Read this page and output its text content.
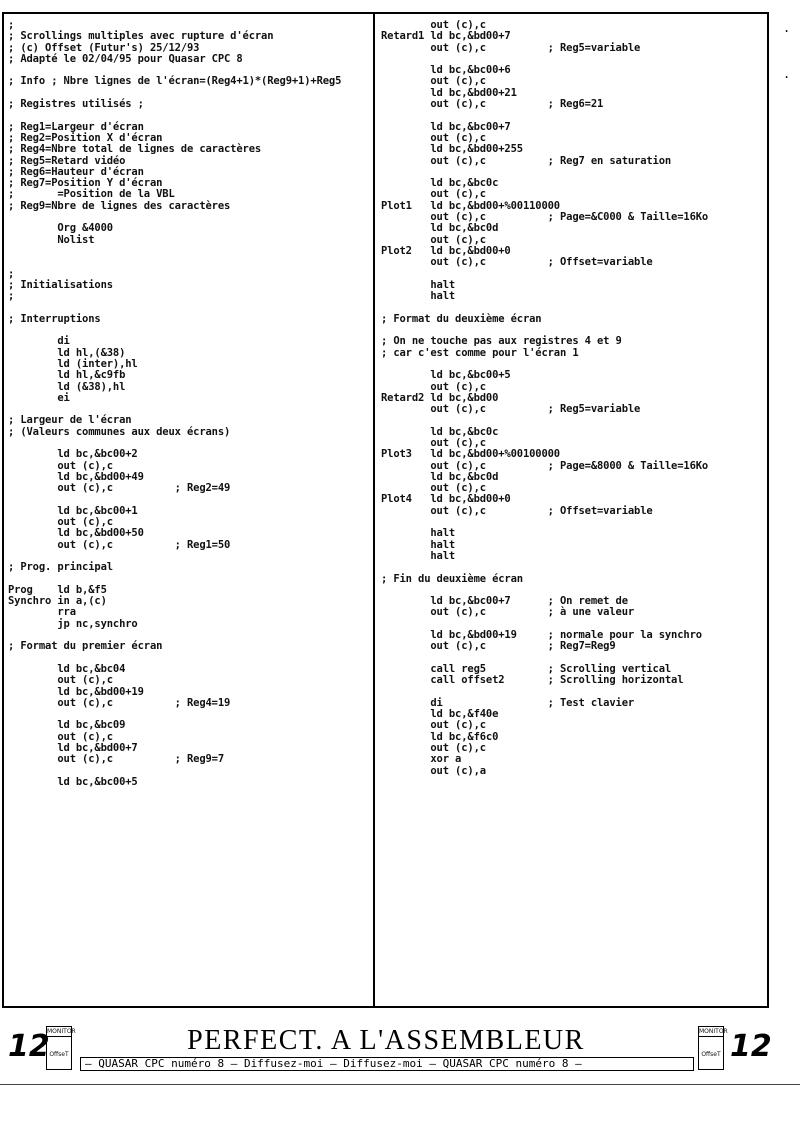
;
; Scrollings multiples avec rupture d'écran
; (c) Offset (Futur's) 25/12/93
; Adapté le 02/04/95 pour Quasar CPC 8

; Info ; Nbre lignes de l'écran=(Reg4+1)*(Reg9+1)+Reg5

; Registres utilisés ;

; Reg1=Largeur d'écran
; Reg2=Position X d'écran
; Reg4=Nbre total de lignes de caractères
; Reg5=Retard vidéo
; Reg6=Hauteur d'écran
; Reg7=Position Y d'écran
;       =Position de la VBL
; Reg9=Nbre de lignes des caractères

Org &4000
Nolist

;
; Initialisations
;

; Interruptions

di
ld hl,(&38)
ld (inter),hl
ld hl,&c9fb
ld (&38),hl
ei

; Largeur de l'écran
; (Valeurs communes aux deux écrans)

ld bc,&bc00+2
out (c),c
ld bc,&bd00+49
out (c),c          ; Reg2=49

ld bc,&bc00+1
out (c),c
ld bc,&bd00+50
out (c),c          ; Reg1=50

; Prog. principal

Prog    ld b,&f5
Synchro in a,(c)
rra
jp nc,synchro

; Format du premier écran

ld bc,&bc04
out (c),c
ld bc,&bd00+19
out (c),c          ; Reg4=19

ld bc,&bc09
out (c),c
ld bc,&bd00+7
out (c),c          ; Reg9=7

ld bc,&bc00+5
out (c),c
Retard1 ld bc,&bd00+7
out (c),c          ; Reg5=variable

ld bc,&bc00+6
out (c),c
ld bc,&bd00+21
out (c),c          ; Reg6=21

ld bc,&bc00+7
out (c),c
ld bc,&bd00+255
out (c),c          ; Reg7 en saturation

ld bc,&bc0c
out (c),c
Plot1   ld bc,&bd00+%00110000
out (c),c          ; Page=&C000 & Taille=16Ko
ld bc,&bc0d
out (c),c
Plot2   ld bc,&bd00+0
out (c),c          ; Offset=variable

halt
halt

; Format du deuxième écran

; On ne touche pas aux registres 4 et 9
; car c'est comme pour l'écran 1

ld bc,&bc00+5
out (c),c
Retard2 ld bc,&bd00
out (c),c          ; Reg5=variable

ld bc,&bc0c
out (c),c
Plot3   ld bc,&bd00+%00100000
out (c),c          ; Page=&8000 & Taille=16Ko
ld bc,&bc0d
out (c),c
Plot4   ld bc,&bd00+0
out (c),c          ; Offset=variable

halt
halt
halt

; Fin du deuxième écran

ld bc,&bc00+7      ; On remet de
out (c),c          ; à une valeur

ld bc,&bd00+19     ; normale pour la synchro
out (c),c          ; Reg7=Reg9

call reg5          ; Scrolling vertical
call offset2       ; Scrolling horizontal

di                 ; Test clavier
ld bc,&f40e
out (c),c
ld bc,&f6c0
out (c),c
xor a
out (c),a
.
.
12
MONITOR
OffseT	PERFECT. A L'ASSEMBLEUR	MONITOR
OffseT 12
— QUASAR CPC numéro 8 — Diffusez-moi — Diffusez-moi — QUASAR CPC numéro 8 —
